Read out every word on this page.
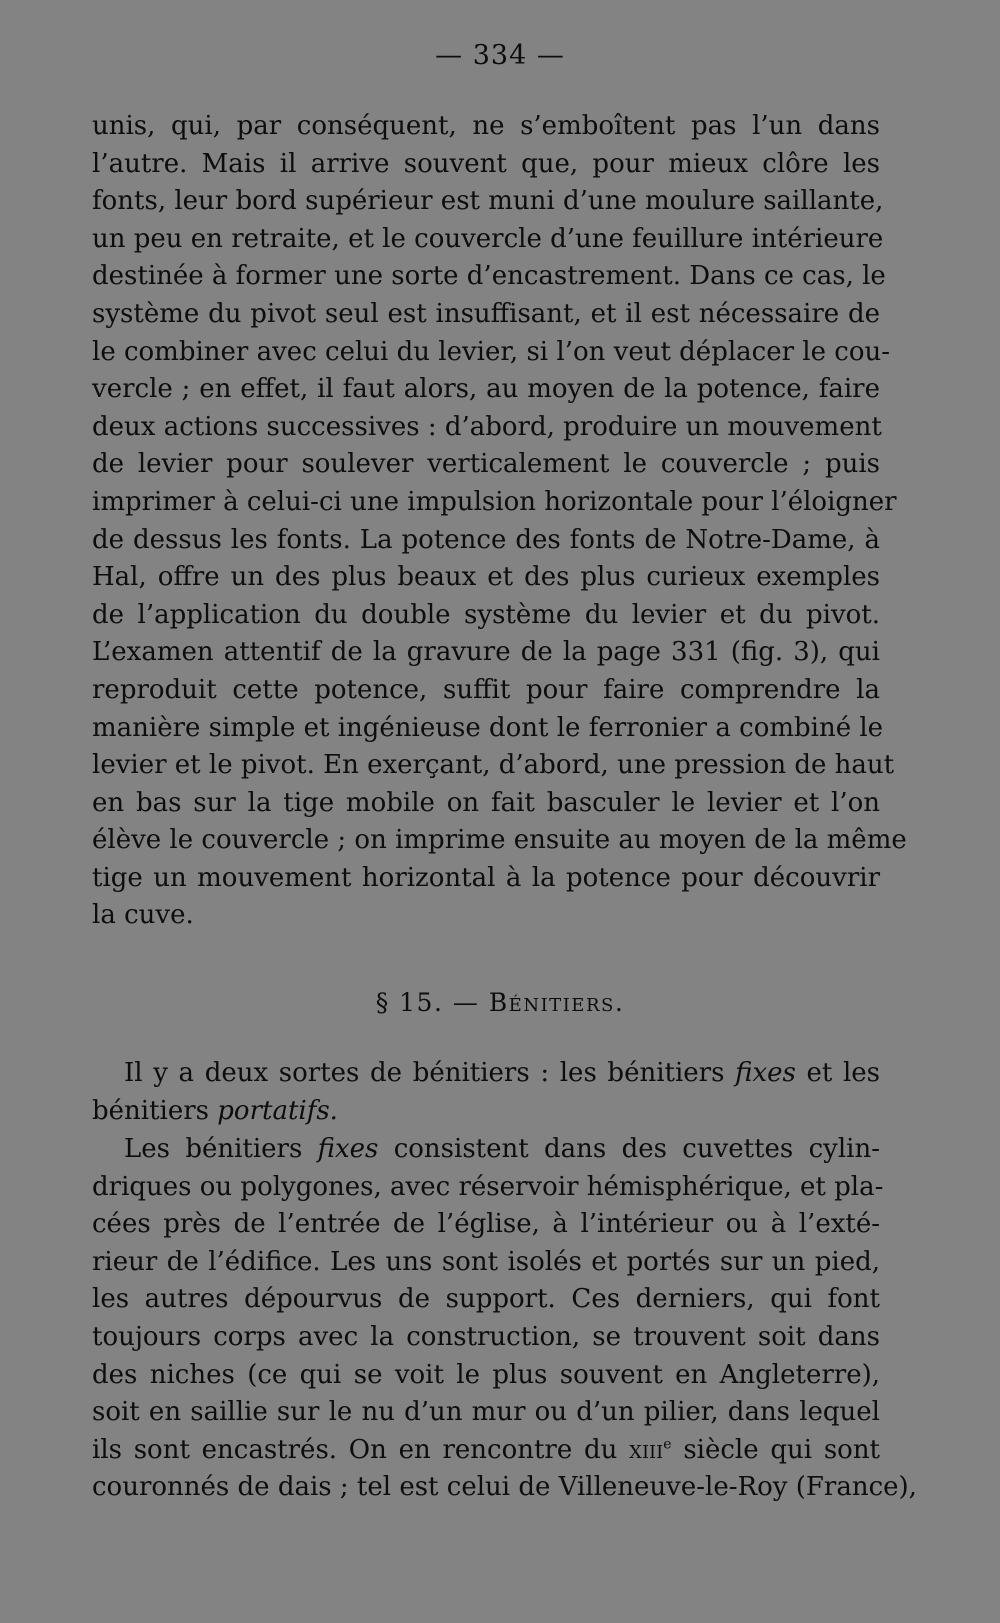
— 334 —

unis, qui, par conséquent, ne s’emboîtent pas l’un dans
l’autre. Mais il arrive souvent que, pour mieux clôre les
fonts, leur bord supérieur est muni d’une moulure saillante,
un peu en retraite, et le couvercle d’une feuillure intérieure
destinée à former une sorte d’encastrement. Dans ce cas, le
système du pivot seul est insuffisant, et il est nécessaire de
le combiner avec celui du levier, si l’on veut déplacer le cou-
vercle ; en effet, il faut alors, au moyen de la potence, faire
deux actions successives : d’abord, produire un mouvement
de levier pour soulever verticalement le couvercle ; puis
imprimer à celui-ci une impulsion horizontale pour l’éloigner
de dessus les fonts. La potence des fonts de Notre-Dame, à
Hal, offre un des plus beaux et des plus curieux exemples
de l’application du double système du levier et du pivot.
L’examen attentif de la gravure de la page 331 (fig. 3), qui
reproduit cette potence, suffit pour faire comprendre la
manière simple et ingénieuse dont le ferronier a combiné le
levier et le pivot. En exerçant, d’abord, une pression de haut
en bas sur la tige mobile on fait basculer le levier et l’on
élève le couvercle ; on imprime ensuite au moyen de la même
tige un mouvement horizontal à la potence pour découvrir
la cuve.

§ 15. — Bénitiers.
Il y a deux sortes de bénitiers : les bénitiers fixes et les
bénitiers portatifs.
Les bénitiers fixes consistent dans des cuvettes cylin-
driques ou polygones, avec réservoir hémisphérique, et pla-
cées près de l’entrée de l’église, à l’intérieur ou à l’exté-
rieur de l’édifice. Les uns sont isolés et portés sur un pied,
les autres dépourvus de support. Ces derniers, qui font
toujours corps avec la construction, se trouvent soit dans
des niches (ce qui se voit le plus souvent en Angleterre),
soit en saillie sur le nu d’un mur ou d’un pilier, dans lequel
ils sont encastrés. On en rencontre du xiii$^e$ siècle qui sont
couronnés de dais ; tel est celui de Villeneuve-le-Roy (France),
